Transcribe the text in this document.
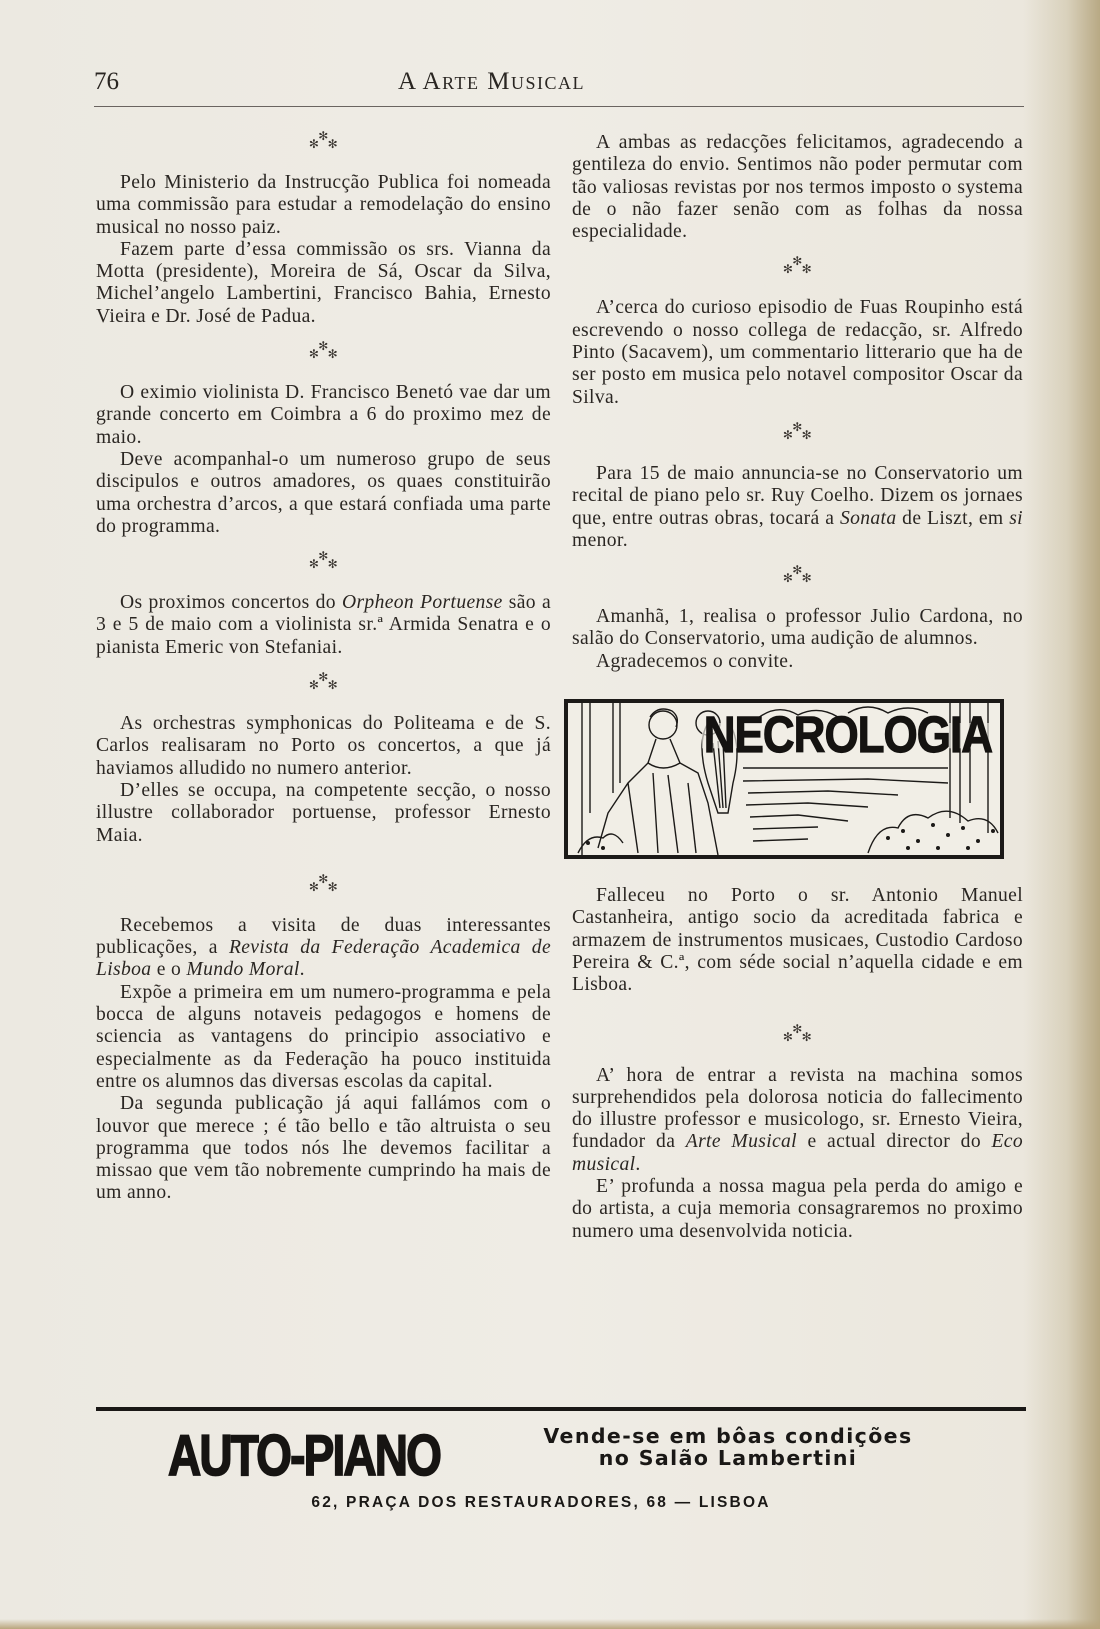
76	A Arte Musical
✻
✻ ✻

Pelo Ministerio da Instrucção Publica foi nomeada uma commissão para estudar a remodelação do ensino musical no nosso paiz.

Fazem parte d’essa commissão os srs. Vianna da Motta (presidente), Moreira de Sá, Oscar da Silva, Michel’angelo Lambertini, Francisco Bahia, Ernesto Vieira e Dr. José de Padua.

✻
✻ ✻

O eximio violinista D. Francisco Benetó vae dar um grande concerto em Coimbra a 6 do proximo mez de maio.

Deve acompanhal-o um numeroso grupo de seus discipulos e outros amadores, os quaes constituirão uma orchestra d’arcos, a que estará confiada uma parte do programma.

✻
✻ ✻

Os proximos concertos do Orpheon Portuense são a 3 e 5 de maio com a violinista sr.ª Armida Senatra e o pianista Emeric von Stefaniai.

✻
✻ ✻

As orchestras symphonicas do Politeama e de S. Carlos realisaram no Porto os concertos, a que já haviamos alludido no numero anterior.

D’elles se occupa, na competente secção, o nosso illustre collaborador portuense, professor Ernesto Maia.

✻
✻ ✻

Recebemos a visita de duas interessantes publicações, a Revista da Federação Academica de Lisboa e o Mundo Moral.

Expõe a primeira em um numero-programma e pela bocca de alguns notaveis pedagogos e homens de sciencia as vantagens do principio associativo e especialmente as da Federação ha pouco instituida entre os alumnos das diversas escolas da capital.

Da segunda publicação já aqui fallámos com o louvor que merece ; é tão bello e tão altruista o seu programma que todos nós lhe devemos facilitar a missao que vem tão nobremente cumprindo ha mais de um anno.

A ambas as redacções felicitamos, agradecendo a gentileza do envio. Sentimos não poder permutar com tão valiosas revistas por nos termos imposto o systema de o não fazer senão com as folhas da nossa especialidade.

✻
✻ ✻

A’cerca do curioso episodio de Fuas Roupinho está escrevendo o nosso collega de redacção, sr. Alfredo Pinto (Sacavem), um commentario litterario que ha de ser posto em musica pelo notavel compositor Oscar da Silva.

✻
✻ ✻

Para 15 de maio annuncia-se no Conservatorio um recital de piano pelo sr. Ruy Coelho. Dizem os jornaes que, entre outras obras, tocará a Sonata de Liszt, em si menor.

✻
✻ ✻

Amanhã, 1, realisa o professor Julio Cardona, no salão do Conservatorio, uma audição de alumnos.

Agradecemos o convite.

NECROLOGIA

Falleceu no Porto o sr. Antonio Manuel Castanheira, antigo socio da acreditada fabrica e armazem de instrumentos musicaes, Custodio Cardoso Pereira & C.ª, com séde social n’aquella cidade e em Lisboa.

✻
✻ ✻

A’ hora de entrar a revista na machina somos surprehendidos pela dolorosa noticia do fallecimento do illustre professor e musicologo, sr. Ernesto Vieira, fundador da Arte Musical e actual director do Eco musical.

E’ profunda a nossa magua pela perda do amigo e do artista, a cuja memoria consagraremos no proximo numero uma desenvolvida noticia.

AUTO-PIANO	Vende-se em bôas condições
no Salão Lambertini
62, PRAÇA DOS RESTAURADORES, 68 — LISBOA
